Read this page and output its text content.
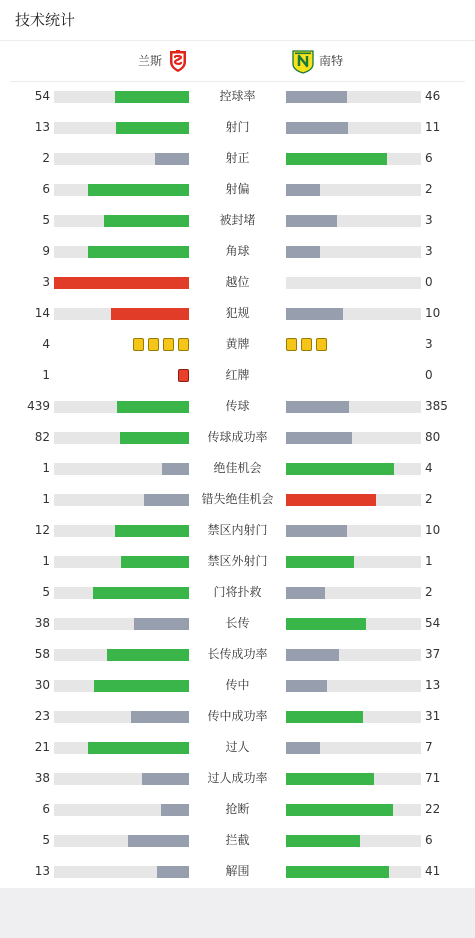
技术统计
兰斯	南特
54	控球率	46
13	射门	11
2	射正	6
6	射偏	2
5	被封堵	3
9	角球	3
3	越位	0
14	犯规	10
4	黄牌	3
1	红牌	0
439	传球	385
82	传球成功率	80
1	绝佳机会	4
1	错失绝佳机会	2
12	禁区内射门	10
1	禁区外射门	1
5	门将扑救	2
38	长传	54
58	长传成功率	37
30	传中	13
23	传中成功率	31
21	过人	7
38	过人成功率	71
6	抢断	22
5	拦截	6
13	解围	41
